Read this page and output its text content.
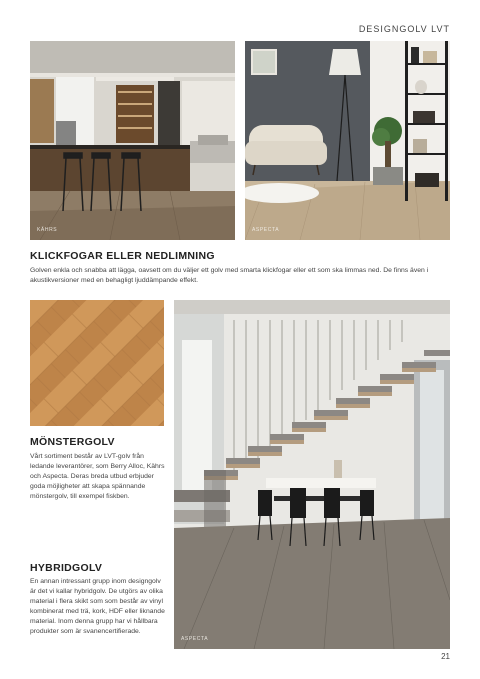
DESIGNGOLV LVT
KÄHRS	ASPECTA
KLICKFOGAR ELLER NEDLIMNING

Golven enkla och snabba att lägga, oavsett om du väljer ett golv med smarta klickfogar eller ett som ska limmas ned. De finns även i akustikversioner med en behagligt ljuddämpande effekt.

MÖNSTERGOLV

Vårt sortiment består av LVT-golv från ledande leverantörer, som Berry Alloc, Kährs och Aspecta. Deras breda utbud erbjuder goda möjligheter att skapa spännande mönstergolv, till exempel fiskben.

HYBRIDGOLV

En annan intressant grupp inom designgolv är det vi kallar hybridgolv. De utgörs av olika material i flera skikt som som består av vinyl kombinerat med trä, kork, HDF eller liknande material. Inom denna grupp har vi hållbara produkter som är svanencertifierade.

ASPECTA
21
